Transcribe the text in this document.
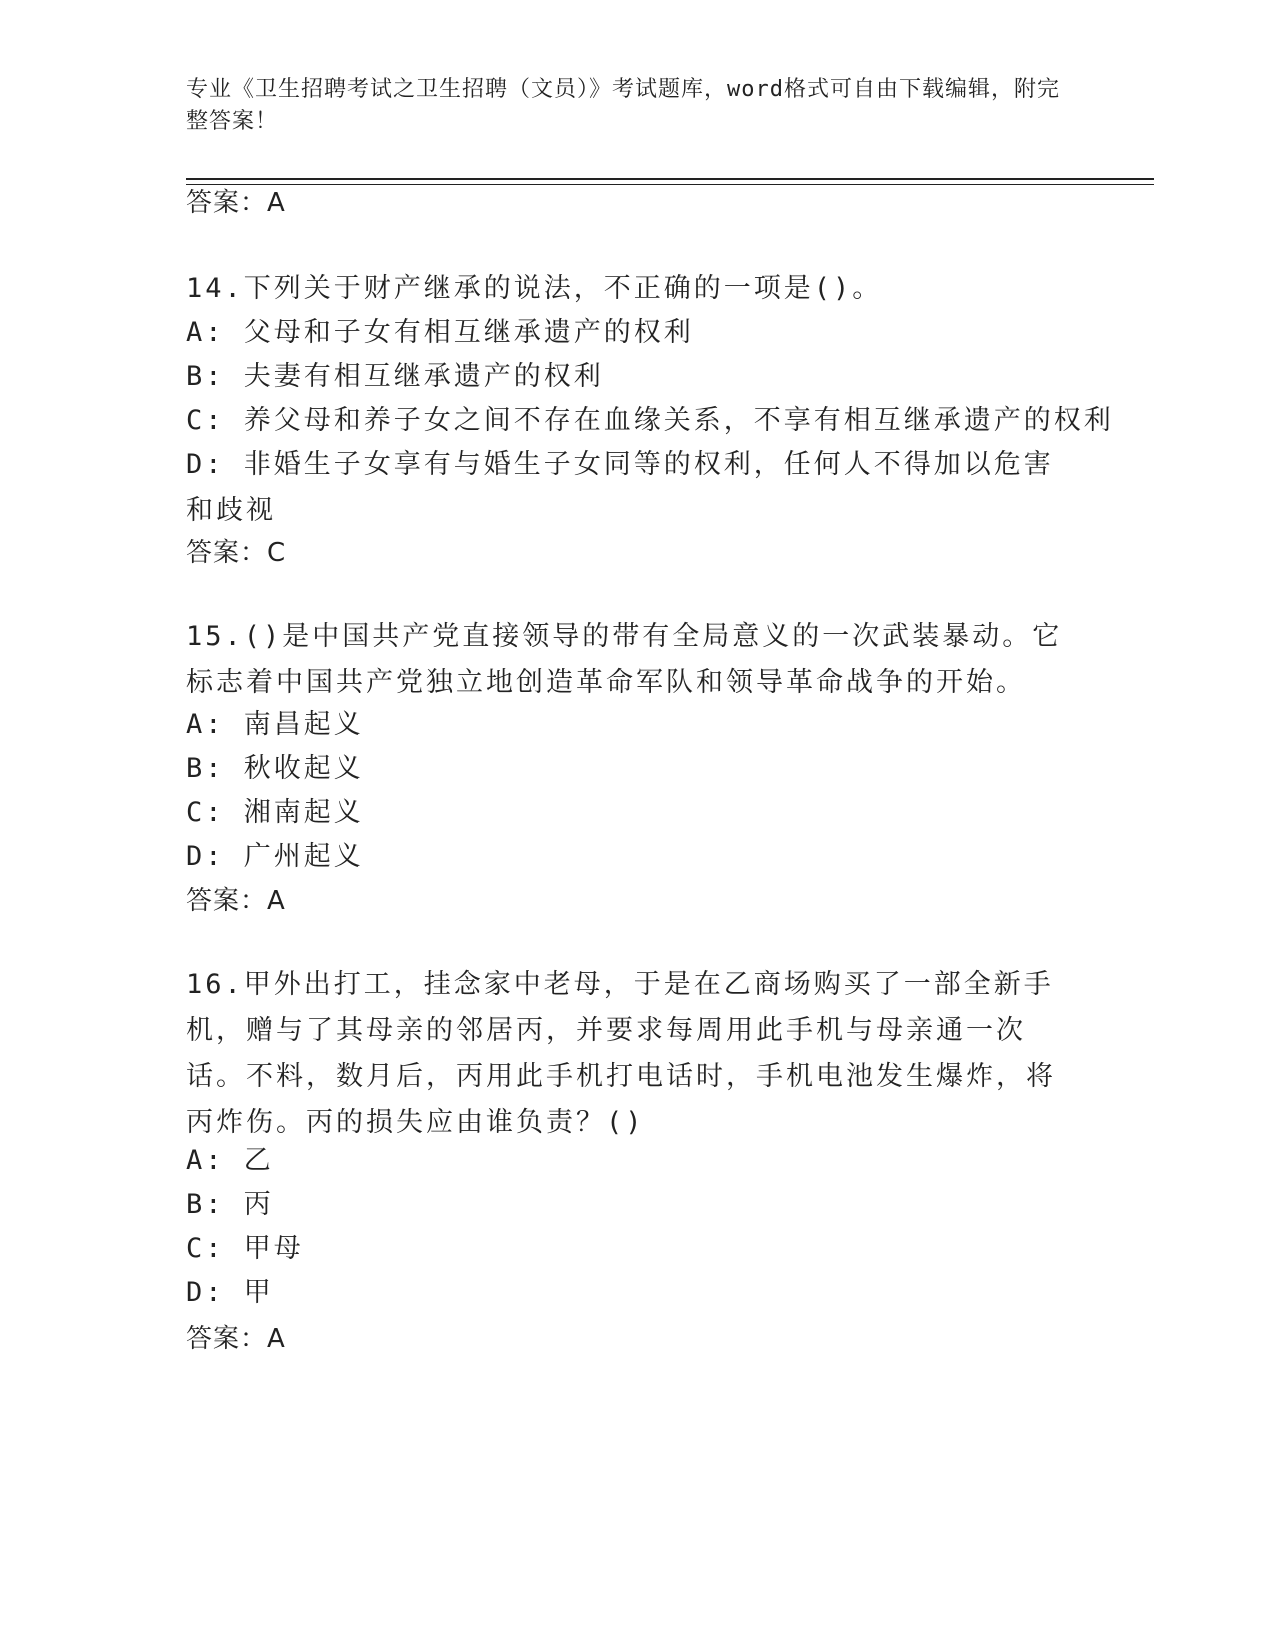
专业《卫生招聘考试之卫生招聘（文员）》考试题库，word格式可自由下载编辑，附完整答案！
答案：A
14.下列关于财产继承的说法，不正确的一项是()。
A: 父母和子女有相互继承遗产的权利
B: 夫妻有相互继承遗产的权利
C: 养父母和养子女之间不存在血缘关系，不享有相互继承遗产的权利
D: 非婚生子女享有与婚生子女同等的权利，任何人不得加以危害和歧视
答案：C
15.()是中国共产党直接领导的带有全局意义的一次武装暴动。它标志着中国共产党独立地创造革命军队和领导革命战争的开始。
A: 南昌起义
B: 秋收起义
C: 湘南起义
D: 广州起义
答案：A
16.甲外出打工，挂念家中老母，于是在乙商场购买了一部全新手机，赠与了其母亲的邻居丙，并要求每周用此手机与母亲通一次话。不料，数月后，丙用此手机打电话时，手机电池发生爆炸，将丙炸伤。丙的损失应由谁负责？()
A: 乙
B: 丙
C: 甲母
D: 甲
答案：A
